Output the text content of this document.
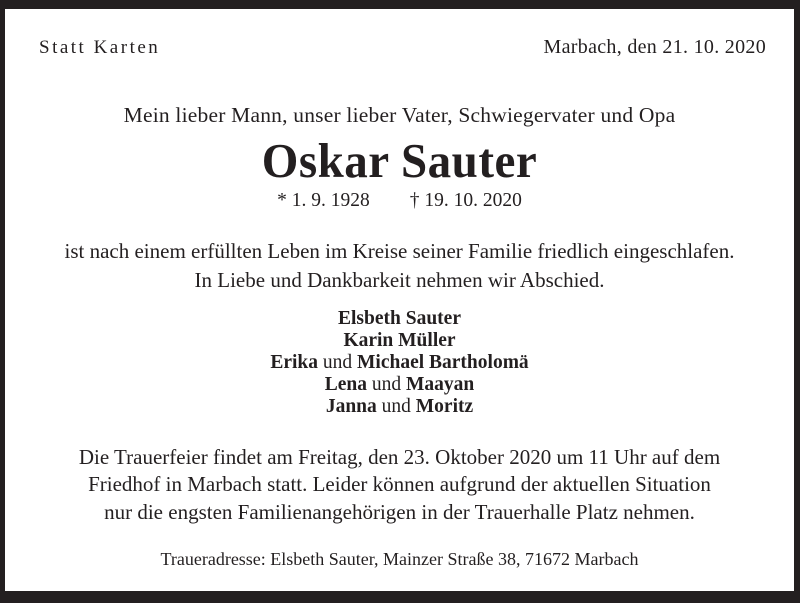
Statt Karten	Marbach, den 21. 10. 2020
Mein lieber Mann, unser lieber Vater, Schwiegervater und Opa
Oskar Sauter
* 1. 9. 1928 † 19. 10. 2020
ist nach einem erfüllten Leben im Kreise seiner Familie friedlich eingeschlafen.
In Liebe und Dankbarkeit nehmen wir Abschied.
Elsbeth Sauter
Karin Müller
Erika und Michael Bartholomä
Lena und Maayan
Janna und Moritz
Die Trauerfeier findet am Freitag, den 23. Oktober 2020 um 11 Uhr auf dem
Friedhof in Marbach statt. Leider können aufgrund der aktuellen Situation
nur die engsten Familienangehörigen in der Trauerhalle Platz nehmen.
Traueradresse: Elsbeth Sauter, Mainzer Straße 38, 71672 Marbach
